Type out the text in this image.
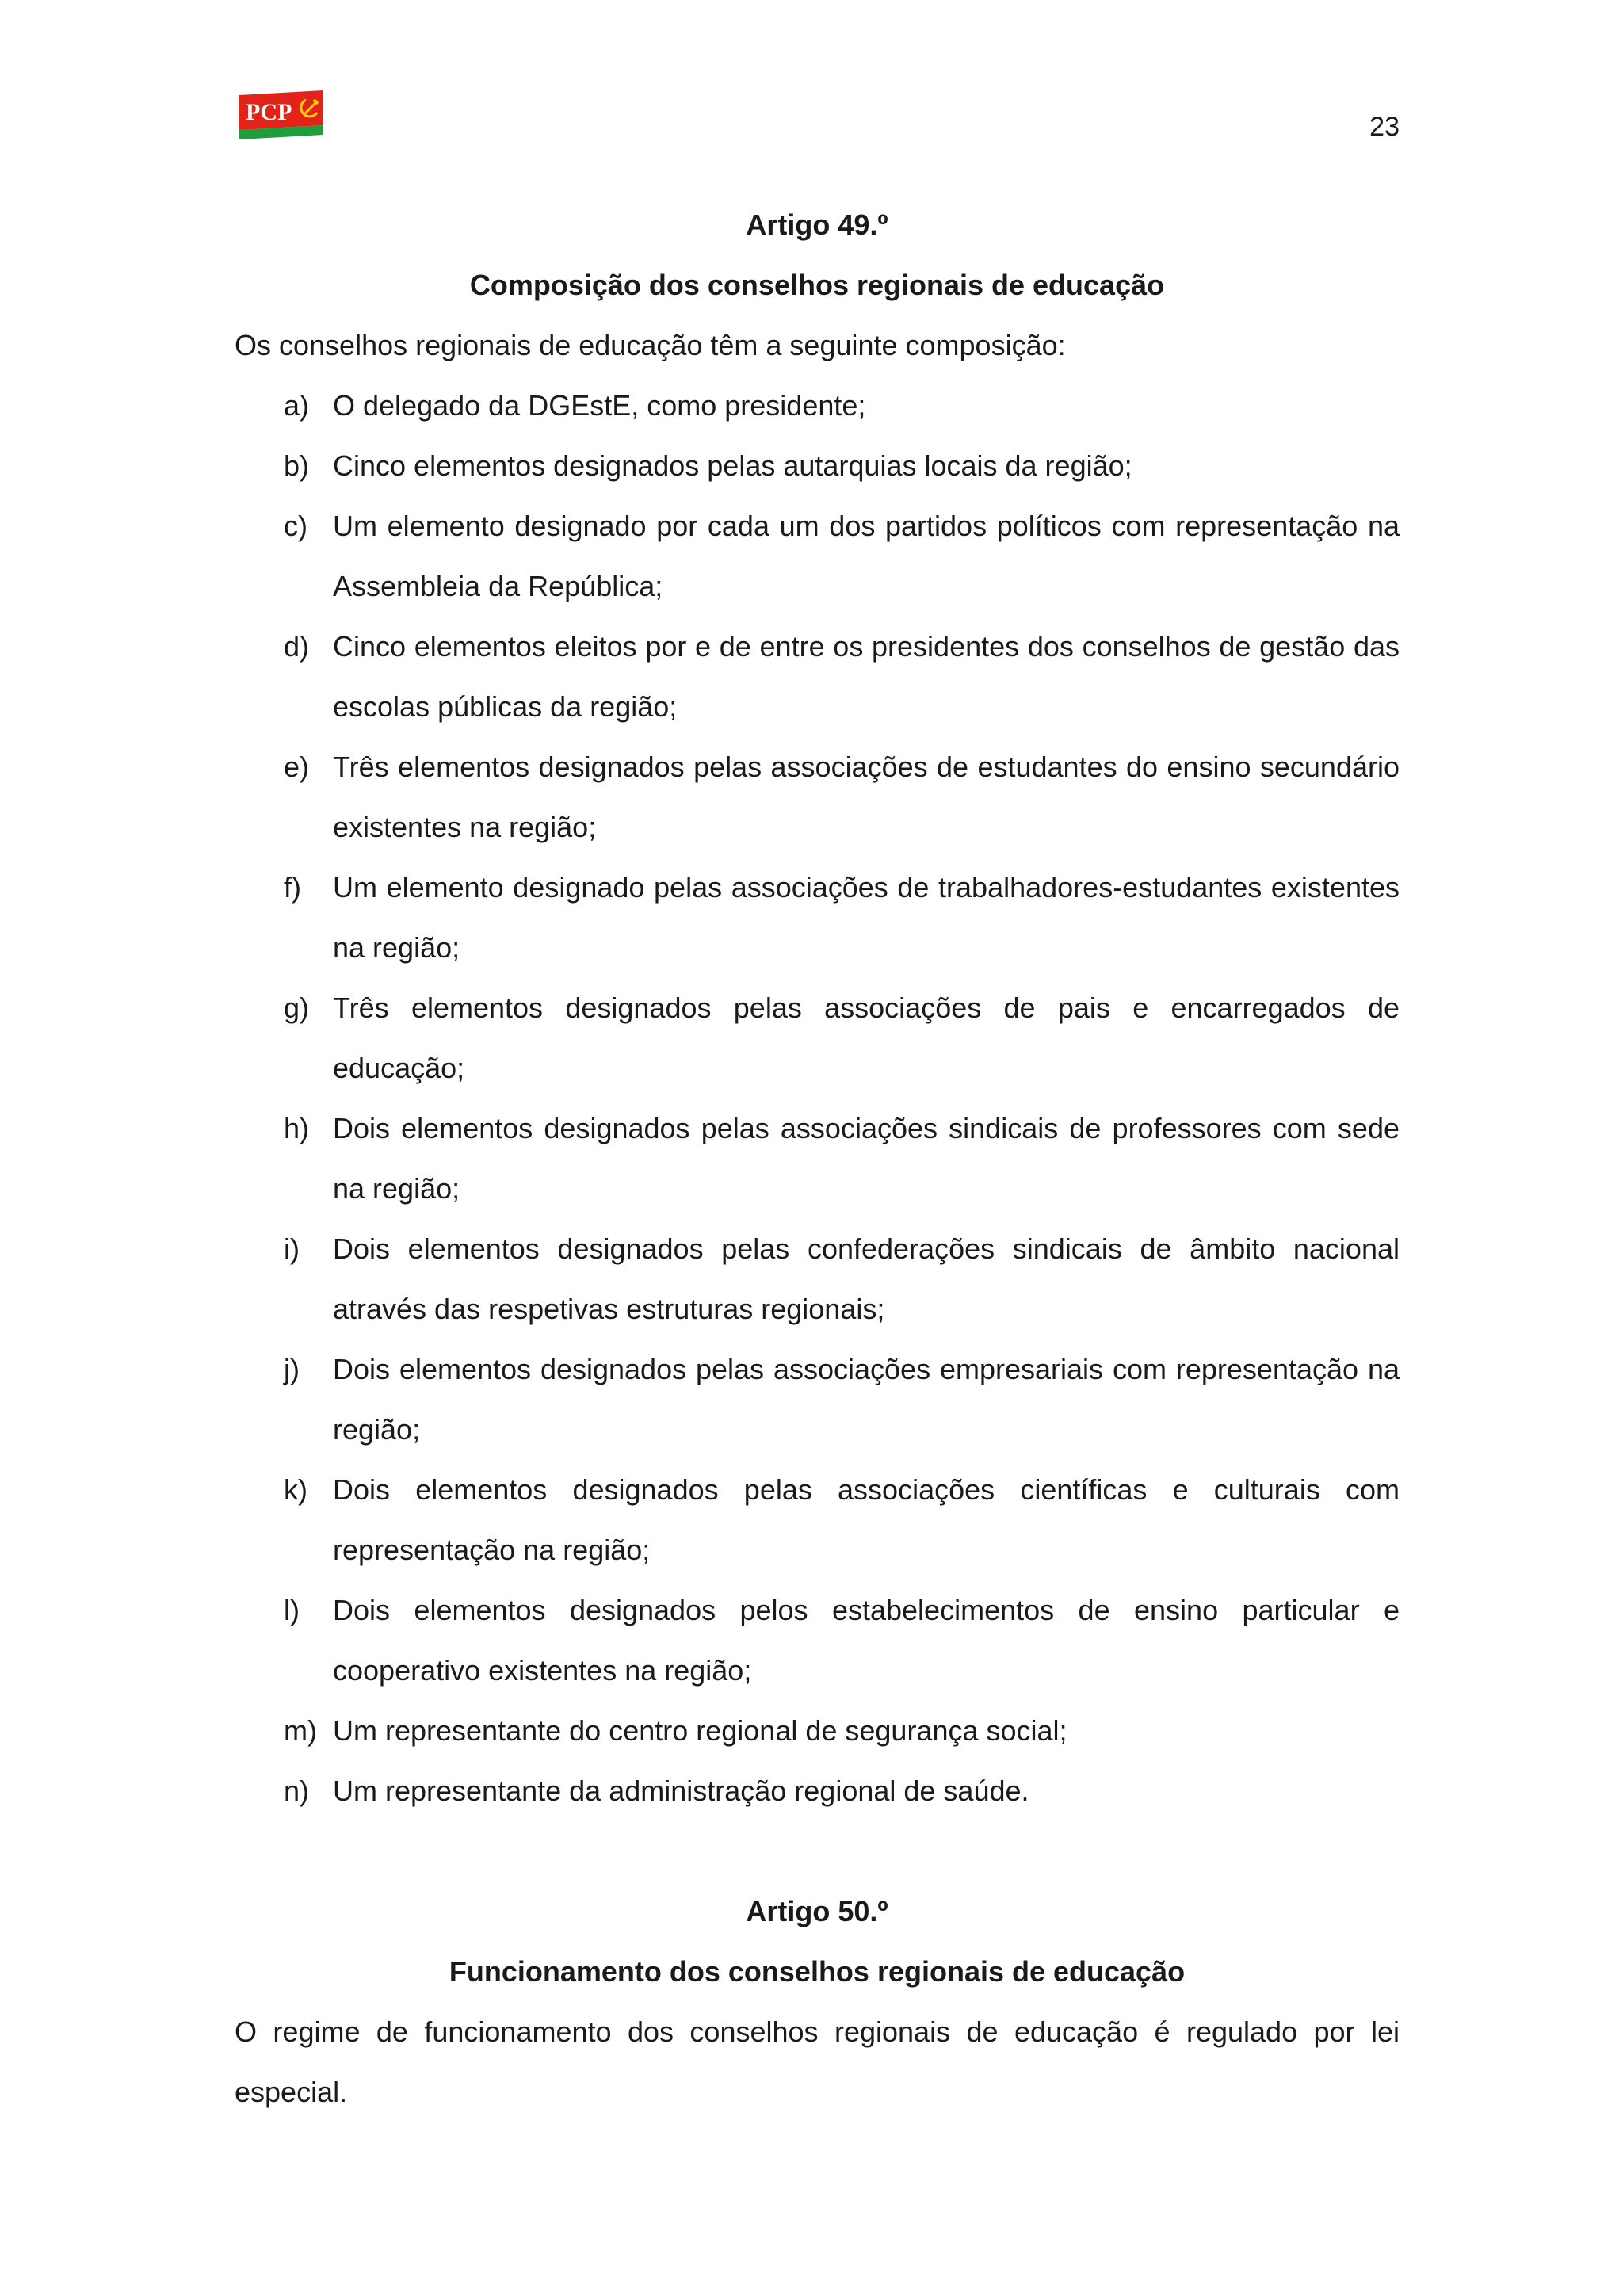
PCP	23
Artigo 49.º
Composição dos conselhos regionais de educação

Os conselhos regionais de educação têm a seguinte composição:

a) O delegado da DGEstE, como presidente;
b) Cinco elementos designados pelas autarquias locais da região;
c) Um elemento designado por cada um dos partidos políticos com representação na Assembleia da República;
d) Cinco elementos eleitos por e de entre os presidentes dos conselhos de gestão das escolas públicas da região;
e) Três elementos designados pelas associações de estudantes do ensino secundário existentes na região;
f) Um elemento designado pelas associações de trabalhadores-estudantes existentes na região;
g) Três elementos designados pelas associações de pais e encarregados de educação;
h) Dois elementos designados pelas associações sindicais de professores com sede na região;
i) Dois elementos designados pelas confederações sindicais de âmbito nacional através das respetivas estruturas regionais;
j) Dois elementos designados pelas associações empresariais com representação na região;
k) Dois elementos designados pelas associações científicas e culturais com representação na região;
l) Dois elementos designados pelos estabelecimentos de ensino particular e cooperativo existentes na região;
m) Um representante do centro regional de segurança social;
n) Um representante da administração regional de saúde.
Artigo 50.º
Funcionamento dos conselhos regionais de educação

O regime de funcionamento dos conselhos regionais de educação é regulado por lei especial.
